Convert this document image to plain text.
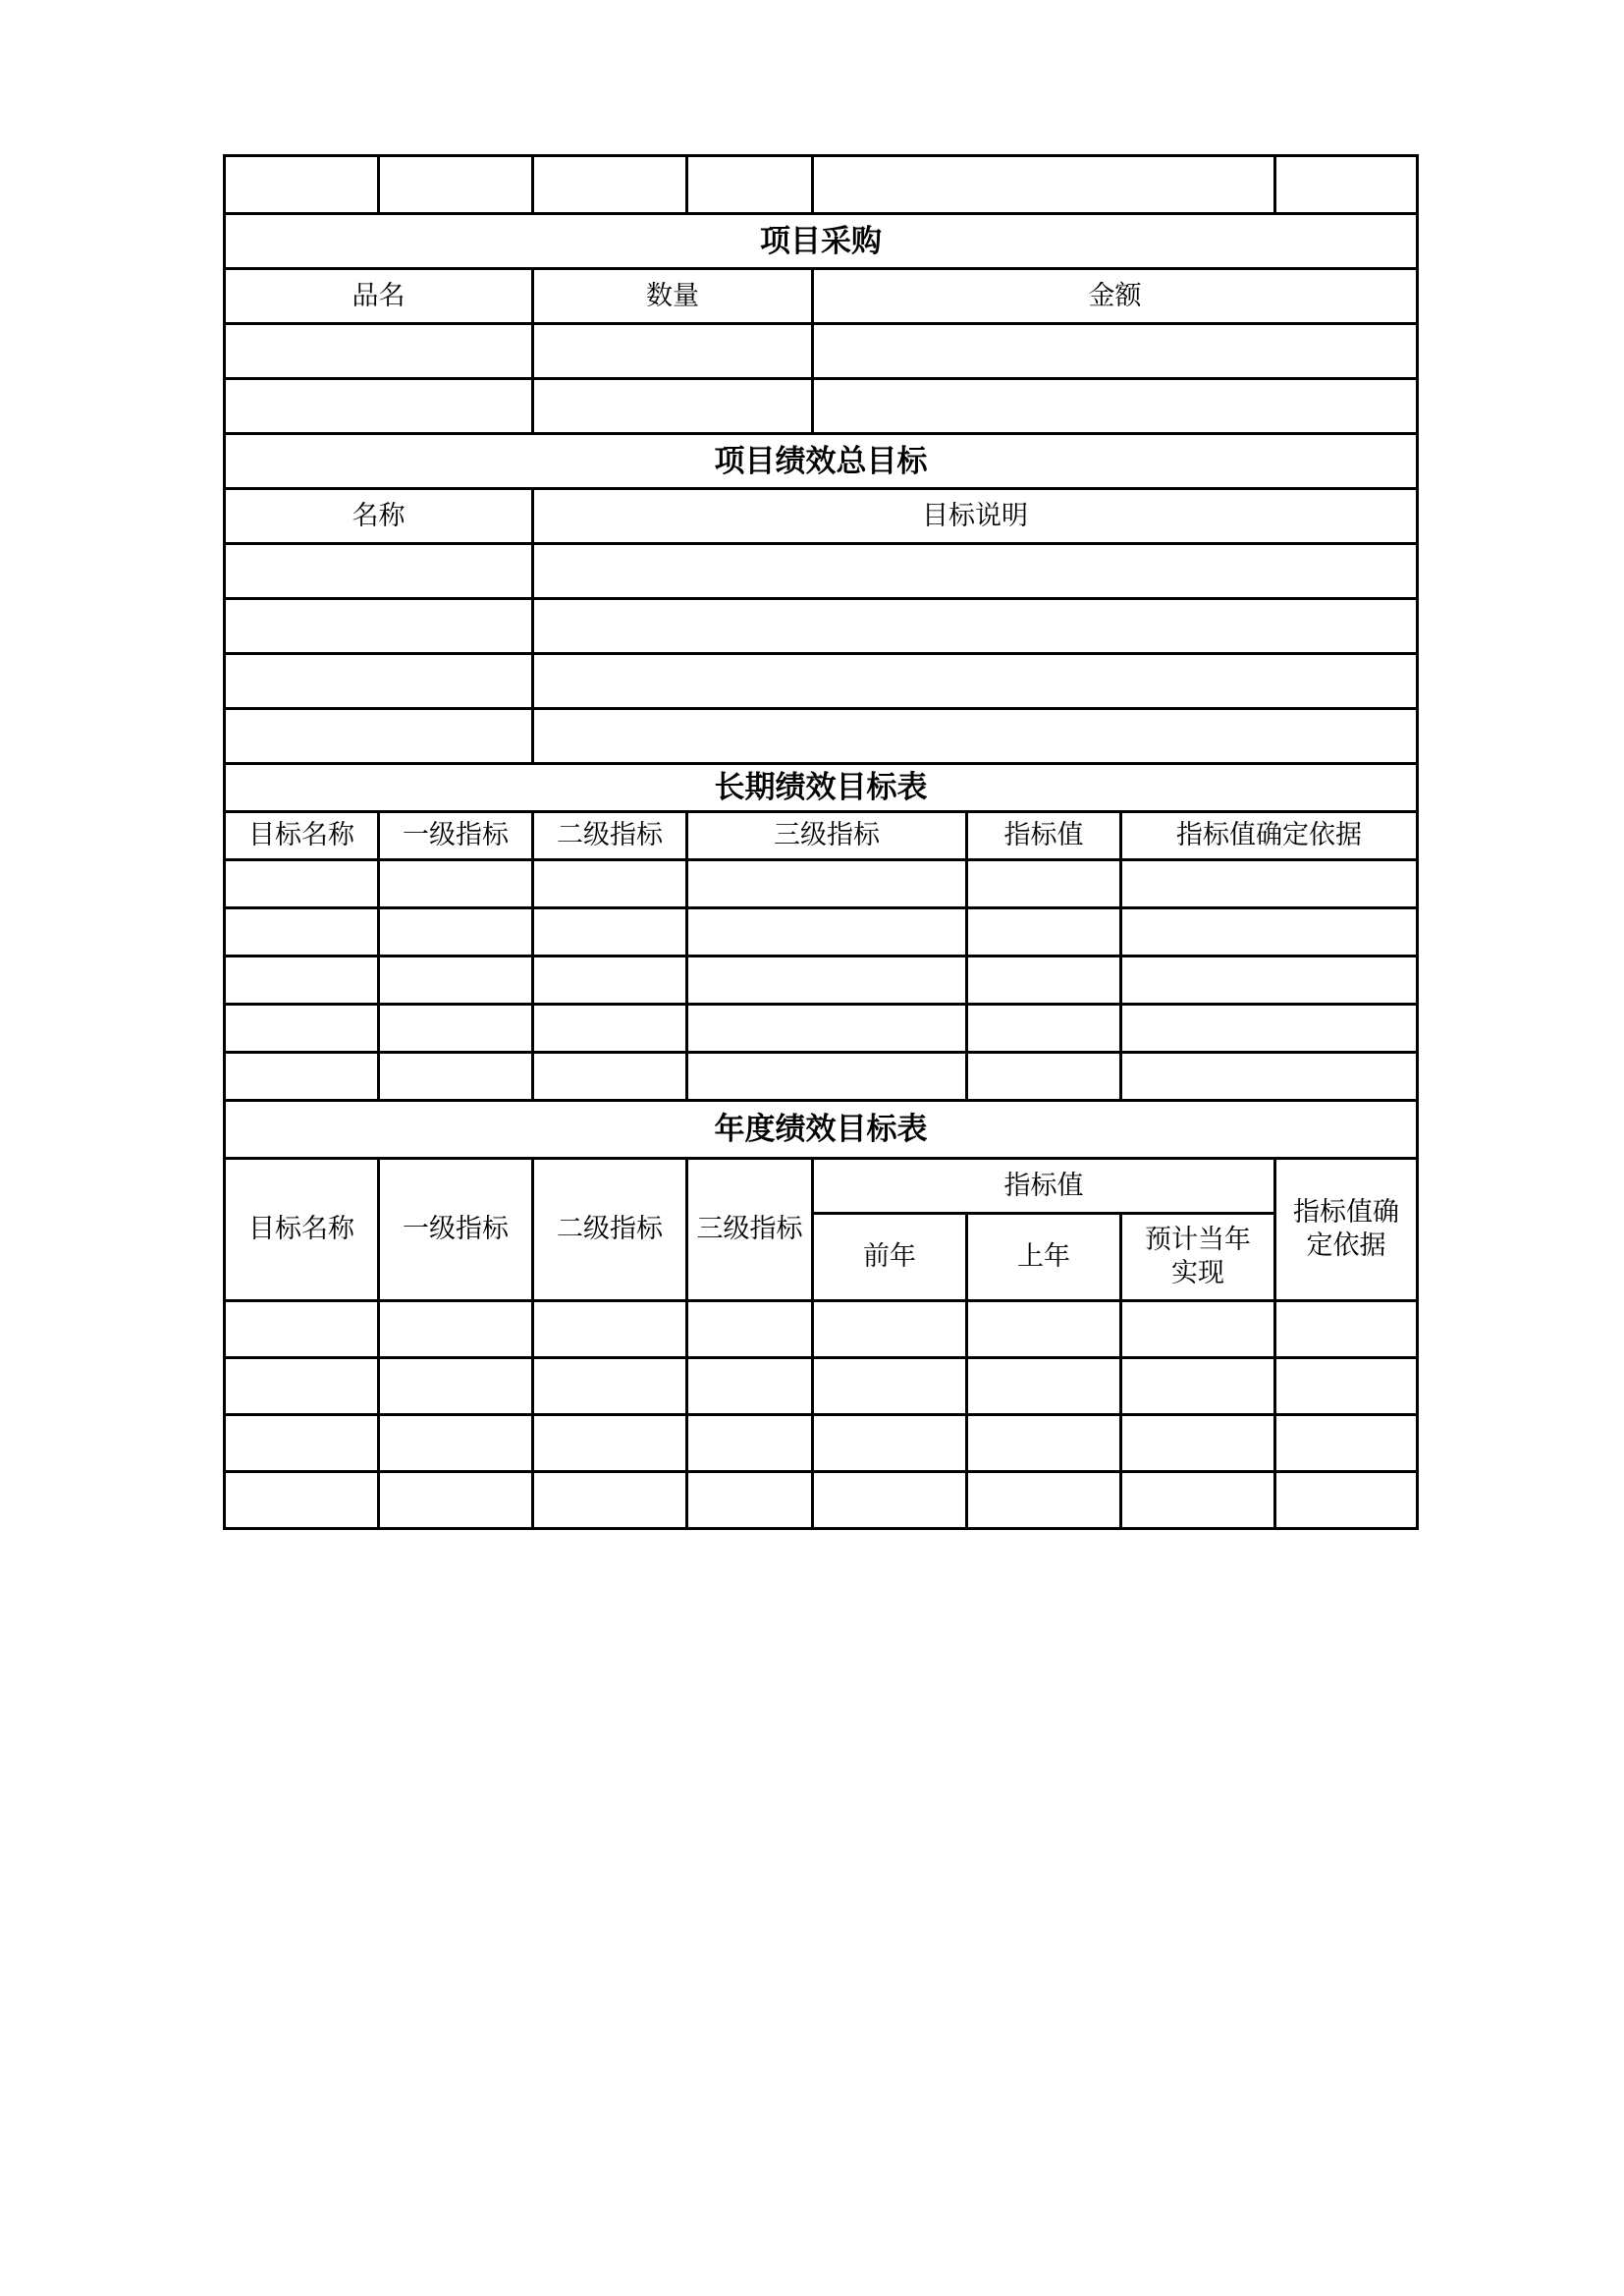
项目采购							
品名		数量		金额			

项目绩效总目标							
名称		目标说明					

长期绩效目标表							
目标名称	一级指标	二级指标	三级指标		指标值	指标值确定依据	

年度绩效目标表							
目标名称	一级指标	二级指标	三级指标	指标值			指标值确定依据
				前年	上年	预计当年实现	
